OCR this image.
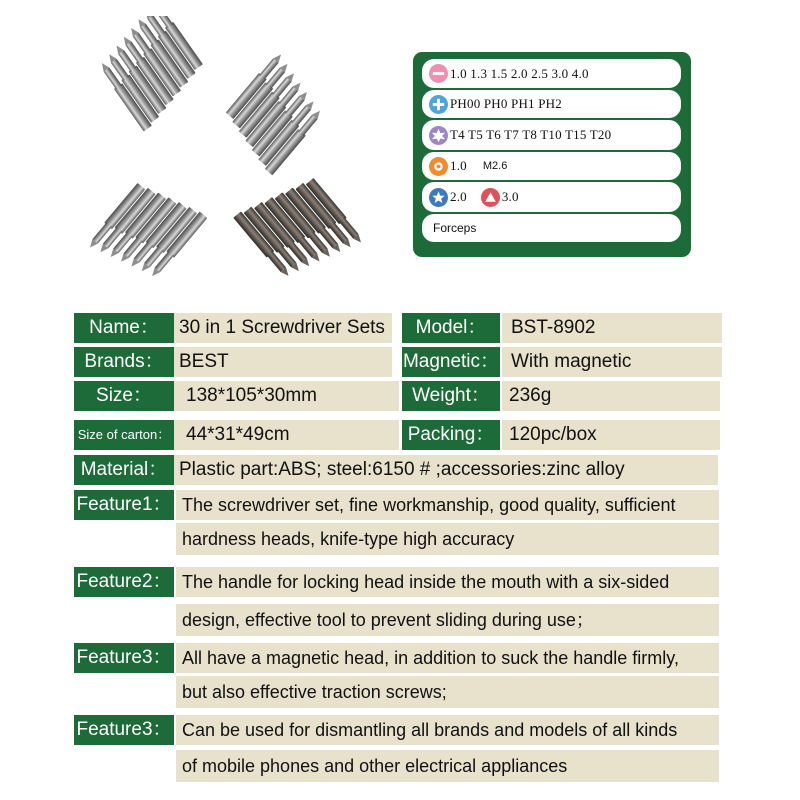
1.0 1.3 1.5 2.0 2.5 3.0 4.0
PH00 PH0 PH1 PH2
T4 T5 T6 T7 T8 T10 T15 T20
1.0 M2.6
2.0	3.0
Forceps
Name：	30 in 1 Screwdriver Sets	Model：	BST-8902
Brands： BEST	Magnetic： With magnetic
Size：	138*105*30mm	Weight：	236g
Size of carton： 44*31*49cm	Packing： 120pc/box
Material： Plastic part:ABS; steel:6150 # ;accessories:zinc alloy
Feature1： The screwdriver set, fine workmanship, good quality, sufficient
hardness heads, knife-type high accuracy
Feature2： The handle for locking head inside the mouth with a six-sided
design, effective tool to prevent sliding during use；
Feature3： All have a magnetic head, in addition to suck the handle firmly,
but also effective traction screws;
Feature3： Can be used for dismantling all brands and models of all kinds
of mobile phones and other electrical appliances
